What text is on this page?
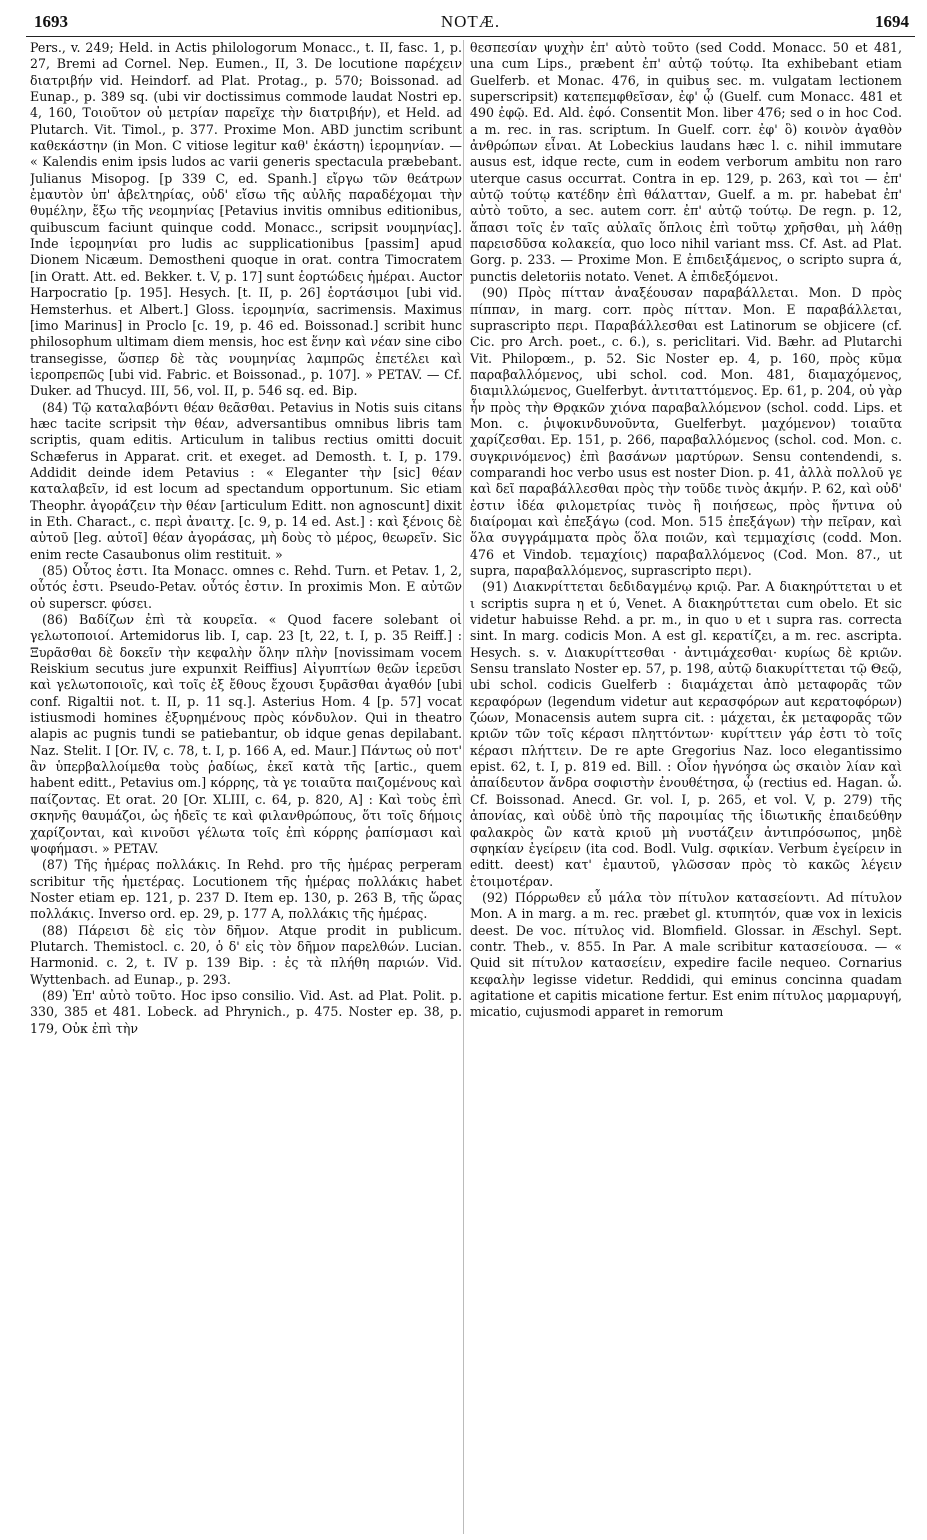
1693	NOTÆ.	1694

Pers., v. 249; Held. in Actis philologorum Monacc., t. II, fasc. 1, p. 27, Bremi ad Cornel. Nep. Eumen., II, 3. De locutione παρέχειν διατριβήν vid. Heindorf. ad Plat. Protag., p. 570; Boissonad. ad Eunap., p. 389 sq. (ubi vir doctissimus commode laudat Nostri ep. 4, 160, Τοιοῦτον οὐ μετρίαν παρεῖχε τὴν διατριβήν), et Held. ad Plutarch. Vit. Timol., p. 377. Proxime Mon. ABD junctim scribunt καθεκάστην (in Mon. C vitiose legitur καθ' ἑκάστη) ἱερομηνίαν. — « Kalendis enim ipsis ludos ac varii generis spectacula præbebant. Julianus Misopog. [p 339 C, ed. Spanh.] εἴργω τῶν θεάτρων ἐμαυτὸν ὑπ' ἀβελτηρίας, οὐδ' εἴσω τῆς αὐλῆς παραδέχομαι τὴν θυμέλην, ἔξω τῆς νεομηνίας [Petavius invitis omnibus editionibus, quibuscum faciunt quinque codd. Monacc., scripsit νουμηνίας]. Inde ἱερομηνίαι pro ludis ac supplicationibus [passim] apud Dionem Nicæum. Demostheni quoque in orat. contra Timocratem [in Oratt. Att. ed. Bekker. t. V, p. 17] sunt ἑορτώδεις ἡμέραι. Auctor Harpocratio [p. 195]. Hesych. [t. II, p. 26] ἑορτάσιμοι [ubi vid. Hemsterhus. et Albert.] Gloss. ἱερομηνία, sacrimensis. Maximus [imo Marinus] in Proclo [c. 19, p. 46 ed. Boissonad.] scribit hunc philosophum ultimam diem mensis, hoc est ἕνην καὶ νέαν sine cibo transegisse, ὥσπερ δὲ τὰς νουμηνίας λαμπρῶς ἐπετέλει καὶ ἱεροπρεπῶς [ubi vid. Fabric. et Boissonad., p. 107]. » PETAV. — Cf. Duker. ad Thucyd. III, 56, vol. II, p. 546 sq. ed. Bip.

(84) Τῷ καταλαβόντι θέαν θεᾶσθαι. Petavius in Notis suis citans hæc tacite scripsit τὴν θέαν, adversantibus omnibus libris tam scriptis, quam editis. Articulum in talibus rectius omitti docuit Schæferus in Apparat. crit. et exeget. ad Demosth. t. I, p. 179. Addidit deinde idem Petavius : « Eleganter τὴν [sic] θέαν καταλαβεῖν, id est locum ad spectandum opportunum. Sic etiam Theophr. ἀγοράζειν τὴν θέαν [articulum Editt. non agnoscunt] dixit in Eth. Charact., c. περὶ ἀναιτχ. [c. 9, p. 14 ed. Ast.] : καὶ ξένοις δὲ αὐτοῦ [leg. αὐτοῖ] θέαν ἀγοράσας, μὴ δοὺς τὸ μέρος, θεωρεῖν. Sic enim recte Casaubonus olim restituit. »

(85) Οὗτος ἐστι. Ita Monacc. omnes c. Rehd. Turn. et Petav. 1, 2, οὗτός ἐστι. Pseudo-Petav. οὗτός ἐστιν. In proximis Mon. E αὐτῶν οὐ superscr. φύσει.

(86) Βαδίζων ἐπὶ τὰ κουρεῖα. « Quod facere solebant οἱ γελωτοποιοί. Artemidorus lib. I, cap. 23 [t, 22, t. I, p. 35 Reiff.] : Ξυρᾶσθαι δὲ δοκεῖν τὴν κεφαλὴν ὅλην πλὴν [novissimam vocem Reiskium secutus jure expunxit Reiffius] Αἰγυπτίων θεῶν ἱερεῦσι καὶ γελωτοποιοῖς, καὶ τοῖς ἐξ ἔθους ἔχουσι ξυρᾶσθαι ἀγαθόν [ubi conf. Rigaltii not. t. II, p. 11 sq.]. Asterius Hom. 4 [p. 57] vocat istiusmodi homines ἐξυρημένους πρὸς κόνδυλον. Qui in theatro alapis ac pugnis tundi se patiebantur, ob idque genas depilabant. Naz. Stelit. I [Or. IV, c. 78, t. I, p. 166 A, ed. Maur.] Πάντως οὐ ποτ' ἂν ὑπερβαλλοίμεθα τοὺς ῥαδίως, ἐκεῖ κατὰ τῆς [artic., quem habent editt., Petavius om.] κόρρης, τὰ γε τοιαῦτα παιζομένους καὶ παίζοντας. Et orat. 20 [Or. XLIII, c. 64, p. 820, A] : Καὶ τοὺς ἐπὶ σκηνῆς θαυμάζοι, ὡς ἡδεῖς τε καὶ φιλανθρώπους, ὅτι τοῖς δήμοις χαρίζονται, καὶ κινοῦσι γέλωτα τοῖς ἐπὶ κόρρης ῥαπίσμασι καὶ ψοφήμασι. » PETAV.

(87) Τῆς ἡμέρας πολλάκις. In Rehd. pro τῆς ἡμέρας perperam scribitur τῆς ἡμετέρας. Locutionem τῆς ἡμέρας πολλάκις habet Noster etiam ep. 121, p. 237 D. Item ep. 130, p. 263 B, τῆς ὥρας πολλάκις. Inverso ord. ep. 29, p. 177 A, πολλάκις τῆς ἡμέρας.

(88) Πάρεισι δὲ εἰς τὸν δῆμον. Atque prodit in publicum. Plutarch. Themistocl. c. 20, ὁ δ' εἰς τὸν δῆμον παρελθών. Lucian. Harmonid. c. 2, t. IV p. 139 Bip. : ἐς τὰ πλήθη παριών. Vid. Wyttenbach. ad Eunap., p. 293.

(89) Ἐπ' αὐτὸ τοῦτο. Hoc ipso consilio. Vid. Ast. ad Plat. Polit. p. 330, 385 et 481. Lobeck. ad Phrynich., p. 475. Noster ep. 38, p. 179, Οὐκ ἐπὶ τὴν

θεσπεσίαν ψυχὴν ἐπ' αὐτὸ τοῦτο (sed Codd. Monacc. 50 et 481, una cum Lips., præbent ἐπ' αὐτῷ τούτῳ. Ita exhibebant etiam Guelferb. et Monac. 476, in quibus sec. m. vulgatam lectionem superscripsit) κατεπεμφθεῖσαν, ἐφ' ᾧ (Guelf. cum Monacc. 481 et 490 ἐφῷ. Ed. Ald. ἐφό. Consentit Mon. liber 476; sed o in hoc Cod. a m. rec. in ras. scriptum. In Guelf. corr. ἐφ' ὃ) κοινὸν ἀγαθὸν ἀνθρώπων εἶναι. At Lobeckius laudans hæc l. c. nihil immutare ausus est, idque recte, cum in eodem verborum ambitu non raro uterque casus occurrat. Contra in ep. 129, p. 263, καὶ τοι — ἐπ' αὐτῷ τούτῳ κατέδην ἐπὶ θάλατταν, Guelf. a m. pr. habebat ἐπ' αὐτὸ τοῦτο, a sec. autem corr. ἐπ' αὐτῷ τούτῳ. De regn. p. 12, ἅπασι τοῖς ἐν ταῖς αὐλαῖς ὅπλοις ἐπὶ τοῦτῳ χρῆσθαι, μὴ λάθῃ παρεισδῦσα κολακεία, quo loco nihil variant mss. Cf. Ast. ad Plat. Gorg. p. 233. — Proxime Mon. E ἐπιδειξάμενος, o scripto supra ά, punctis deletoriis notato. Venet. A ἐπιδεξόμενοι.

(90) Πρὸς πίτταν ἀναξέουσαν παραβάλλεται. Mon. D πρὸς πίππαν, in marg. corr. πρὸς πίτταν. Mon. E παραβάλλεται, suprascripto περι. Παραβάλλεσθαι est Latinorum se objicere (cf. Cic. pro Arch. poet., c. 6.), s. periclitari. Vid. Bæhr. ad Plutarchi Vit. Philopœm., p. 52. Sic Noster ep. 4, p. 160, πρὸς κῦμα παραβαλλόμενος, ubi schol. cod. Mon. 481, διαμαχόμενος, διαμιλλώμενος, Guelferbyt. ἀντιταττόμενος. Ep. 61, p. 204, οὐ γὰρ ἦν πρὸς τὴν Θρᾳκῶν χιόνα παραβαλλόμενον (schol. codd. Lips. et Mon. c. ῥιψοκινδυνοῦντα, Guelferbyt. μαχόμενον) τοιαῦτα χαρίζεσθαι. Ep. 151, p. 266, παραβαλλόμενος (schol. cod. Mon. c. συγκρινόμενος) ἐπὶ βασάνων μαρτύρων. Sensu contendendi, s. comparandi hoc verbo usus est noster Dion. p. 41, ἀλλὰ πολλοῦ γε καὶ δεῖ παραβάλλεσθαι πρὸς τὴν τοῦδε τινὸς ἀκμήν. P. 62, καὶ οὐδ' ἐστιν ἰδέα φιλομετρίας τινὸς ἢ ποιήσεως, πρὸς ἥντινα οὐ διαίρομαι καὶ ἐπεξάγω (cod. Mon. 515 ἐπεξάγων) τὴν πεῖραν, καὶ ὅλα συγγράμματα πρὸς ὅλα ποιῶν, καὶ τεμμαχίσις (codd. Mon. 476 et Vindob. τεμαχίοις) παραβαλλόμενος (Cod. Mon. 87., ut supra, παραβαλλόμενος, suprascripto περι).

(91) Διακνρίττεται δεδιδαγμένῳ κριῷ. Par. A διακηρύττεται υ et ι scriptis supra η et ύ, Venet. A διακηρύττεται cum obelo. Et sic videtur habuisse Rehd. a pr. m., in quo υ et ι supra ras. correcta sint. In marg. codicis Mon. A est gl. κερατίζει, a m. rec. ascripta. Hesych. s. v. Διακυρίττεσθαι · ἀντιμάχεσθαι· κυρίως δὲ κριῶν. Sensu translato Noster ep. 57, p. 198, αὐτῷ διακυρίττεται τῷ Θεῷ, ubi schol. codicis Guelferb : διαμάχεται ἀπὸ μεταφορᾶς τῶν κεραφόρων (legendum videtur aut κερασφόρων aut κερατοφόρων) ζώων, Monacensis autem supra cit. : μάχεται, ἐκ μεταφορᾶς τῶν κριῶν τῶν τοῖς κέρασι πληττόντων· κυρίττειν γάρ ἐστι τὸ τοῖς κέρασι πλήττειν. De re apte Gregorius Naz. loco elegantissimo epist. 62, t. I, p. 819 ed. Bill. : Οἷον ἡγνόησα ὡς σκαιὸν λίαν καὶ ἀπαίδευτον ἄνδρα σοφιστὴν ἐνουθέτησα, ᾧ (rectius ed. Hagan. ὦ. Cf. Boissonad. Anecd. Gr. vol. I, p. 265, et vol. V, p. 279) τῆς ἀπονίας, καὶ οὐδὲ ὑπὸ τῆς παροιμίας τῆς ἰδιωτικῆς ἐπαιδεύθην φαλακρὸς ὢν κατὰ κριοῦ μὴ νυστάζειν ἀντιπρόσωπος, μηδὲ σφηκίαν ἐγείρειν (ita cod. Bodl. Vulg. σφικίαν. Verbum ἐγείρειν in editt. deest) κατ' ἐμαυτοῦ, γλῶσσαν πρὸς τὸ κακῶς λέγειν ἑτοιμοτέραν.

(92) Πόρρωθεν εὖ μάλα τὸν πίτυλον κατασείοντι. Ad πίτυλον Mon. A in marg. a m. rec. præbet gl. κτυπητόν, quæ vox in lexicis deest. De voc. πίτυλος vid. Blomfield. Glossar. in Æschyl. Sept. contr. Theb., v. 855. In Par. A male scribitur κατασείουσα. — « Quid sit πίτυλον κατασείειν, expedire facile nequeo. Cornarius κεφαλὴν legisse videtur. Reddidi, qui eminus concinna quadam agitatione et capitis micatione fertur. Est enim πίτυλος μαρμαρυγή, micatio, cujusmodi apparet in remorum
